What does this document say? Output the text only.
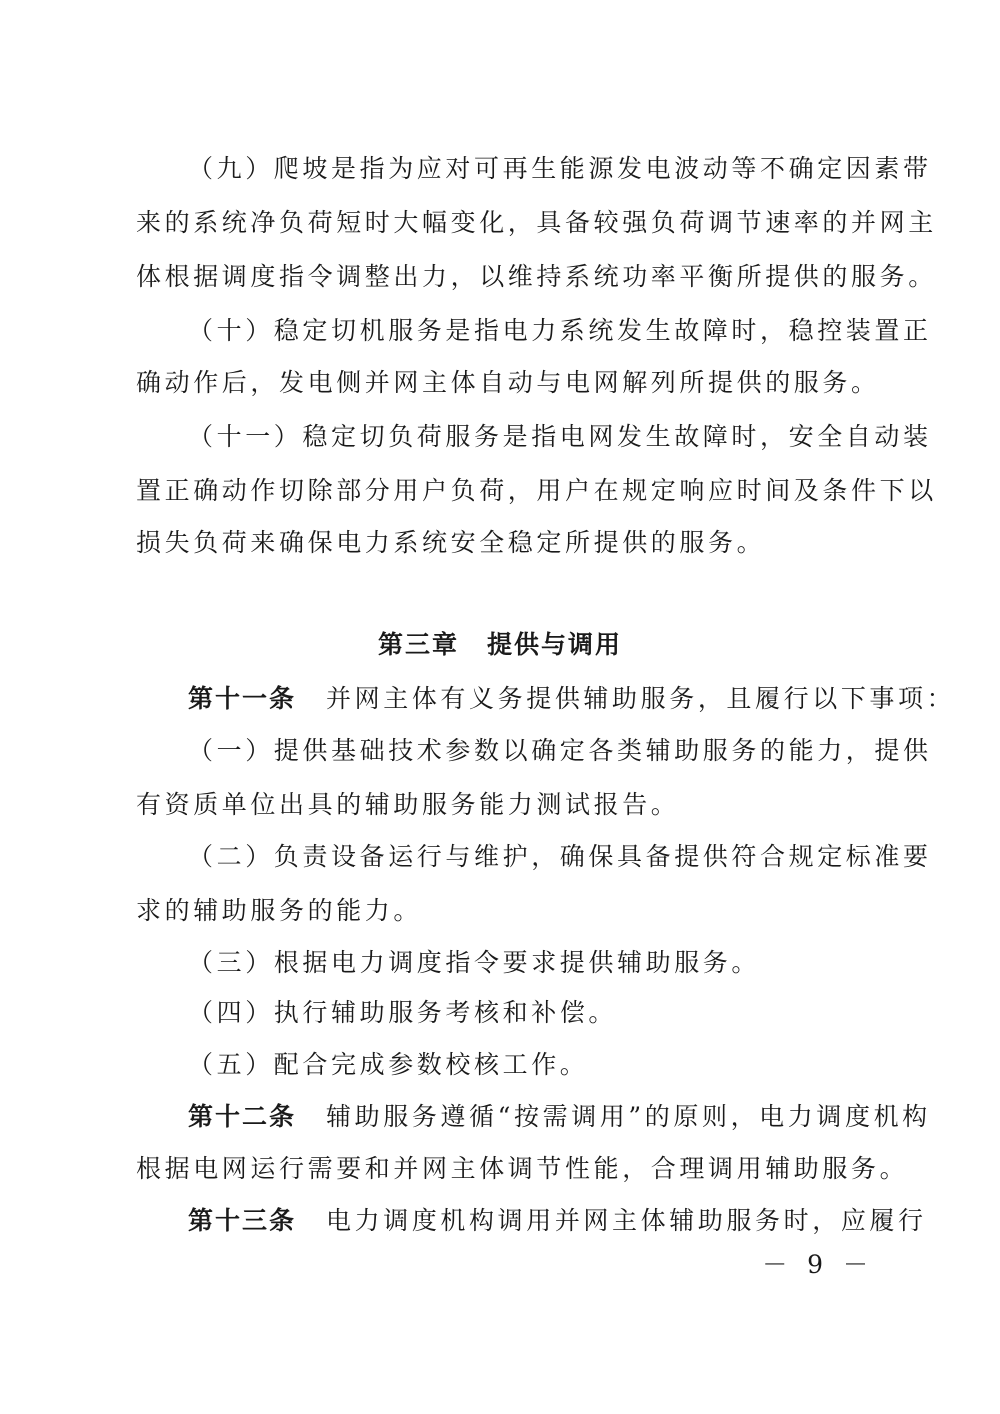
（九）爬坡是指为应对可再生能源发电波动等不确定因素带
来的系统净负荷短时大幅变化，具备较强负荷调节速率的并网主
体根据调度指令调整出力，以维持系统功率平衡所提供的服务。
（十）稳定切机服务是指电力系统发生故障时，稳控装置正
确动作后，发电侧并网主体自动与电网解列所提供的服务。
（十一）稳定切负荷服务是指电网发生故障时，安全自动装
置正确动作切除部分用户负荷，用户在规定响应时间及条件下以
损失负荷来确保电力系统安全稳定所提供的服务。
第三章 提供与调用
第十一条 并网主体有义务提供辅助服务，且履行以下事项：
（一）提供基础技术参数以确定各类辅助服务的能力，提供
有资质单位出具的辅助服务能力测试报告。
（二）负责设备运行与维护，确保具备提供符合规定标准要
求的辅助服务的能力。
（三）根据电力调度指令要求提供辅助服务。
（四）执行辅助服务考核和补偿。
（五）配合完成参数校核工作。
第十二条 辅助服务遵循“按需调用”的原则，电力调度机构
根据电网运行需要和并网主体调节性能，合理调用辅助服务。
第十三条 电力调度机构调用并网主体辅助服务时，应履行
－ 9 －
